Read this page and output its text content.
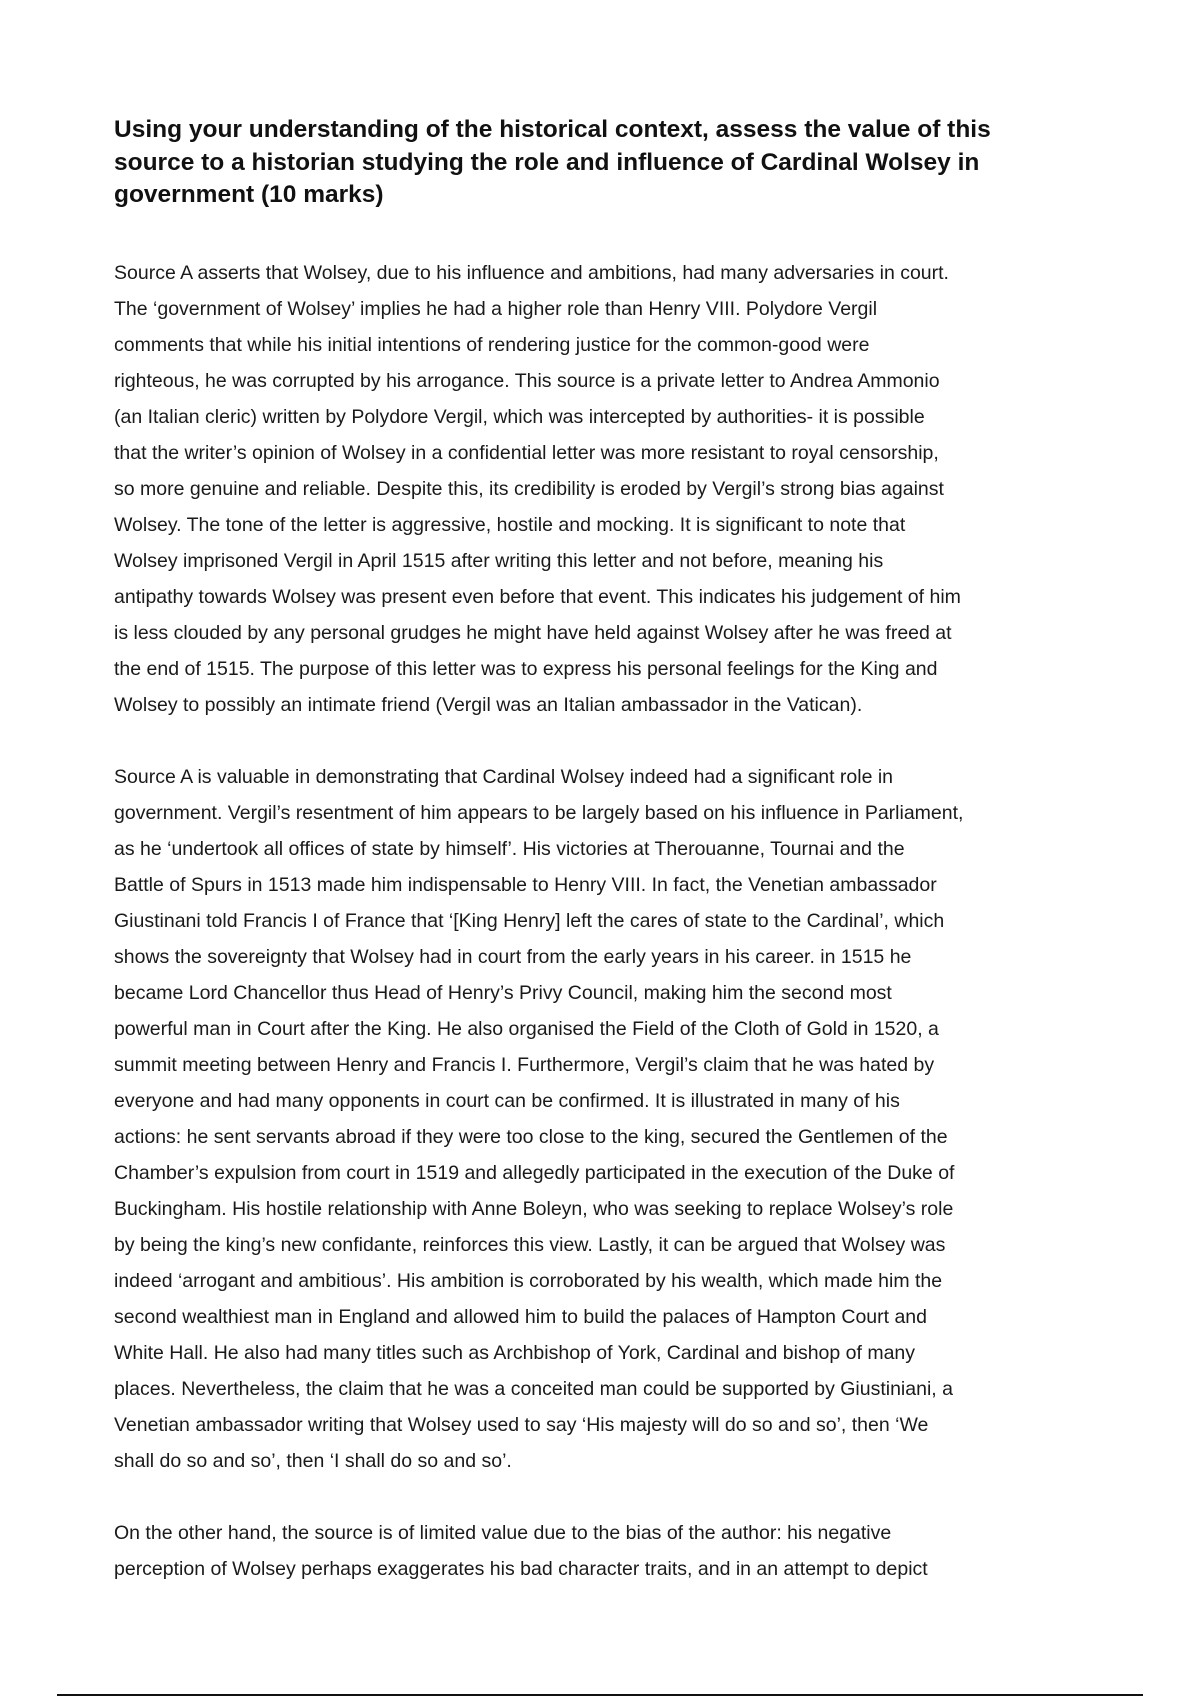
Using your understanding of the historical context, assess the value of this
source to a historian studying the role and influence of Cardinal Wolsey in
government (10 marks)

Source A asserts that Wolsey, due to his influence and ambitions, had many adversaries in court.
The ‘government of Wolsey’ implies he had a higher role than Henry VIII. Polydore Vergil
comments that while his initial intentions of rendering justice for the common-good were
righteous, he was corrupted by his arrogance. This source is a private letter to Andrea Ammonio
(an Italian cleric) written by Polydore Vergil, which was intercepted by authorities- it is possible
that the writer’s opinion of Wolsey in a confidential letter was more resistant to royal censorship,
so more genuine and reliable. Despite this, its credibility is eroded by Vergil’s strong bias against
Wolsey. The tone of the letter is aggressive, hostile and mocking. It is significant to note that
Wolsey imprisoned Vergil in April 1515 after writing this letter and not before, meaning his
antipathy towards Wolsey was present even before that event. This indicates his judgement of him
is less clouded by any personal grudges he might have held against Wolsey after he was freed at
the end of 1515. The purpose of this letter was to express his personal feelings for the King and
Wolsey to possibly an intimate friend (Vergil was an Italian ambassador in the Vatican).

Source A is valuable in demonstrating that Cardinal Wolsey indeed had a significant role in
government. Vergil’s resentment of him appears to be largely based on his influence in Parliament,
as he ‘undertook all offices of state by himself’. His victories at Therouanne, Tournai and the
Battle of Spurs in 1513 made him indispensable to Henry VIII. In fact, the Venetian ambassador
Giustinani told Francis I of France that ‘[King Henry] left the cares of state to the Cardinal’, which
shows the sovereignty that Wolsey had in court from the early years in his career. in 1515 he
became Lord Chancellor thus Head of Henry’s Privy Council, making him the second most
powerful man in Court after the King. He also organised the Field of the Cloth of Gold in 1520, a
summit meeting between Henry and Francis I. Furthermore, Vergil’s claim that he was hated by
everyone and had many opponents in court can be confirmed. It is illustrated in many of his
actions: he sent servants abroad if they were too close to the king, secured the Gentlemen of the
Chamber’s expulsion from court in 1519 and allegedly participated in the execution of the Duke of
Buckingham. His hostile relationship with Anne Boleyn, who was seeking to replace Wolsey’s role
by being the king’s new confidante, reinforces this view. Lastly, it can be argued that Wolsey was
indeed ‘arrogant and ambitious’. His ambition is corroborated by his wealth, which made him the
second wealthiest man in England and allowed him to build the palaces of Hampton Court and
White Hall. He also had many titles such as Archbishop of York, Cardinal and bishop of many
places. Nevertheless, the claim that he was a conceited man could be supported by Giustiniani, a
Venetian ambassador writing that Wolsey used to say ‘His majesty will do so and so’, then ‘We
shall do so and so’, then ‘I shall do so and so’.

On the other hand, the source is of limited value due to the bias of the author: his negative
perception of Wolsey perhaps exaggerates his bad character traits, and in an attempt to depict
